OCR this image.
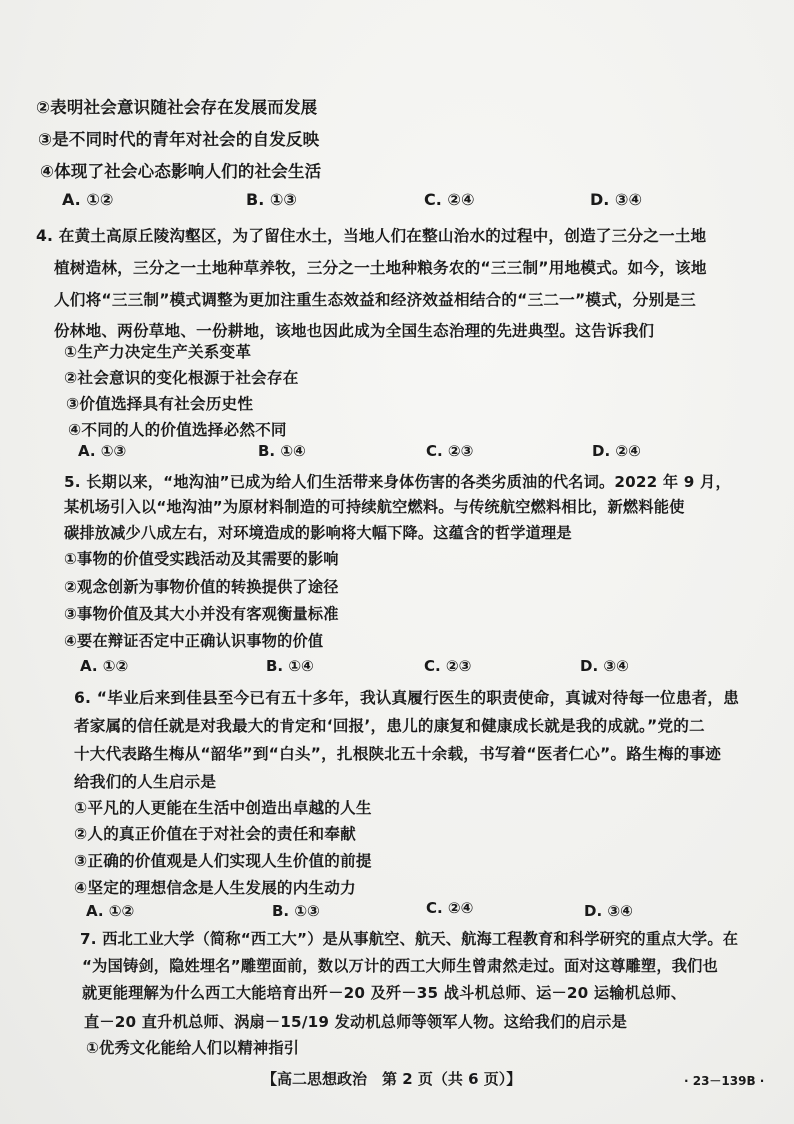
②表明社会意识随社会存在发展而发展
③是不同时代的青年对社会的自发反映
④体现了社会心态影响人们的社会生活
A. ①②	B. ①③	C. ②④	D. ③④
4. 在黄土高原丘陵沟壑区，为了留住水土，当地人们在整山治水的过程中，创造了三分之一土地
植树造林，三分之一土地种草养牧，三分之一土地种粮务农的“三三制”用地模式。如今，该地
人们将“三三制”模式调整为更加注重生态效益和经济效益相结合的“三二一”模式，分别是三
份林地、两份草地、一份耕地，该地也因此成为全国生态治理的先进典型。这告诉我们
①生产力决定生产关系变革
②社会意识的变化根源于社会存在
③价值选择具有社会历史性
④不同的人的价值选择必然不同
A. ①③	B. ①④	C. ②③	D. ②④
5. 长期以来，“地沟油”已成为给人们生活带来身体伤害的各类劣质油的代名词。2022 年 9 月，
某机场引入以“地沟油”为原材料制造的可持续航空燃料。与传统航空燃料相比，新燃料能使
碳排放减少八成左右，对环境造成的影响将大幅下降。这蕴含的哲学道理是
①事物的价值受实践活动及其需要的影响
②观念创新为事物价值的转换提供了途径
③事物价值及其大小并没有客观衡量标准
④要在辩证否定中正确认识事物的价值
A. ①②	B. ①④	C. ②③	D. ③④
6. “毕业后来到佳县至今已有五十多年，我认真履行医生的职责使命，真诚对待每一位患者，患
者家属的信任就是对我最大的肯定和‘回报’，患儿的康复和健康成长就是我的成就。”党的二
十大代表路生梅从“韶华”到“白头”，扎根陕北五十余载，书写着“医者仁心”。路生梅的事迹
给我们的人生启示是
①平凡的人更能在生活中创造出卓越的人生
②人的真正价值在于对社会的责任和奉献
③正确的价值观是人们实现人生价值的前提
④坚定的理想信念是人生发展的内生动力
A. ①②	B. ①③	C. ②④	D. ③④
7. 西北工业大学（简称“西工大”）是从事航空、航天、航海工程教育和科学研究的重点大学。在
“为国铸剑，隐姓埋名”雕塑面前，数以万计的西工大师生曾肃然走过。面对这尊雕塑，我们也
就更能理解为什么西工大能培育出歼－20 及歼－35 战斗机总师、运－20 运输机总师、
直－20 直升机总师、涡扇－15/19 发动机总师等领军人物。这给我们的启示是
①优秀文化能给人们以精神指引
【高二思想政治　第 2 页（共 6 页）】	· 23－139B ·
